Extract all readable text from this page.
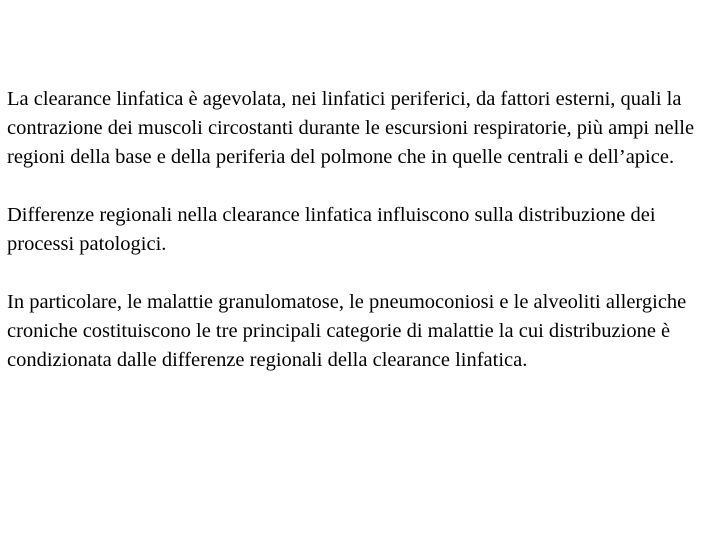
La clearance linfatica è agevolata, nei linfatici periferici, da fattori esterni, quali la contrazione dei muscoli circostanti durante le escursioni respiratorie, più ampi nelle regioni della base e della periferia del polmone che in quelle centrali e dell’apice.

Differenze regionali nella clearance linfatica influiscono sulla distribuzione dei processi patologici.

In particolare, le malattie granulomatose, le pneumoconiosi e le alveoliti allergiche croniche costituiscono le tre principali categorie di malattie la cui distribuzione è condizionata dalle differenze regionali della clearance linfatica.
